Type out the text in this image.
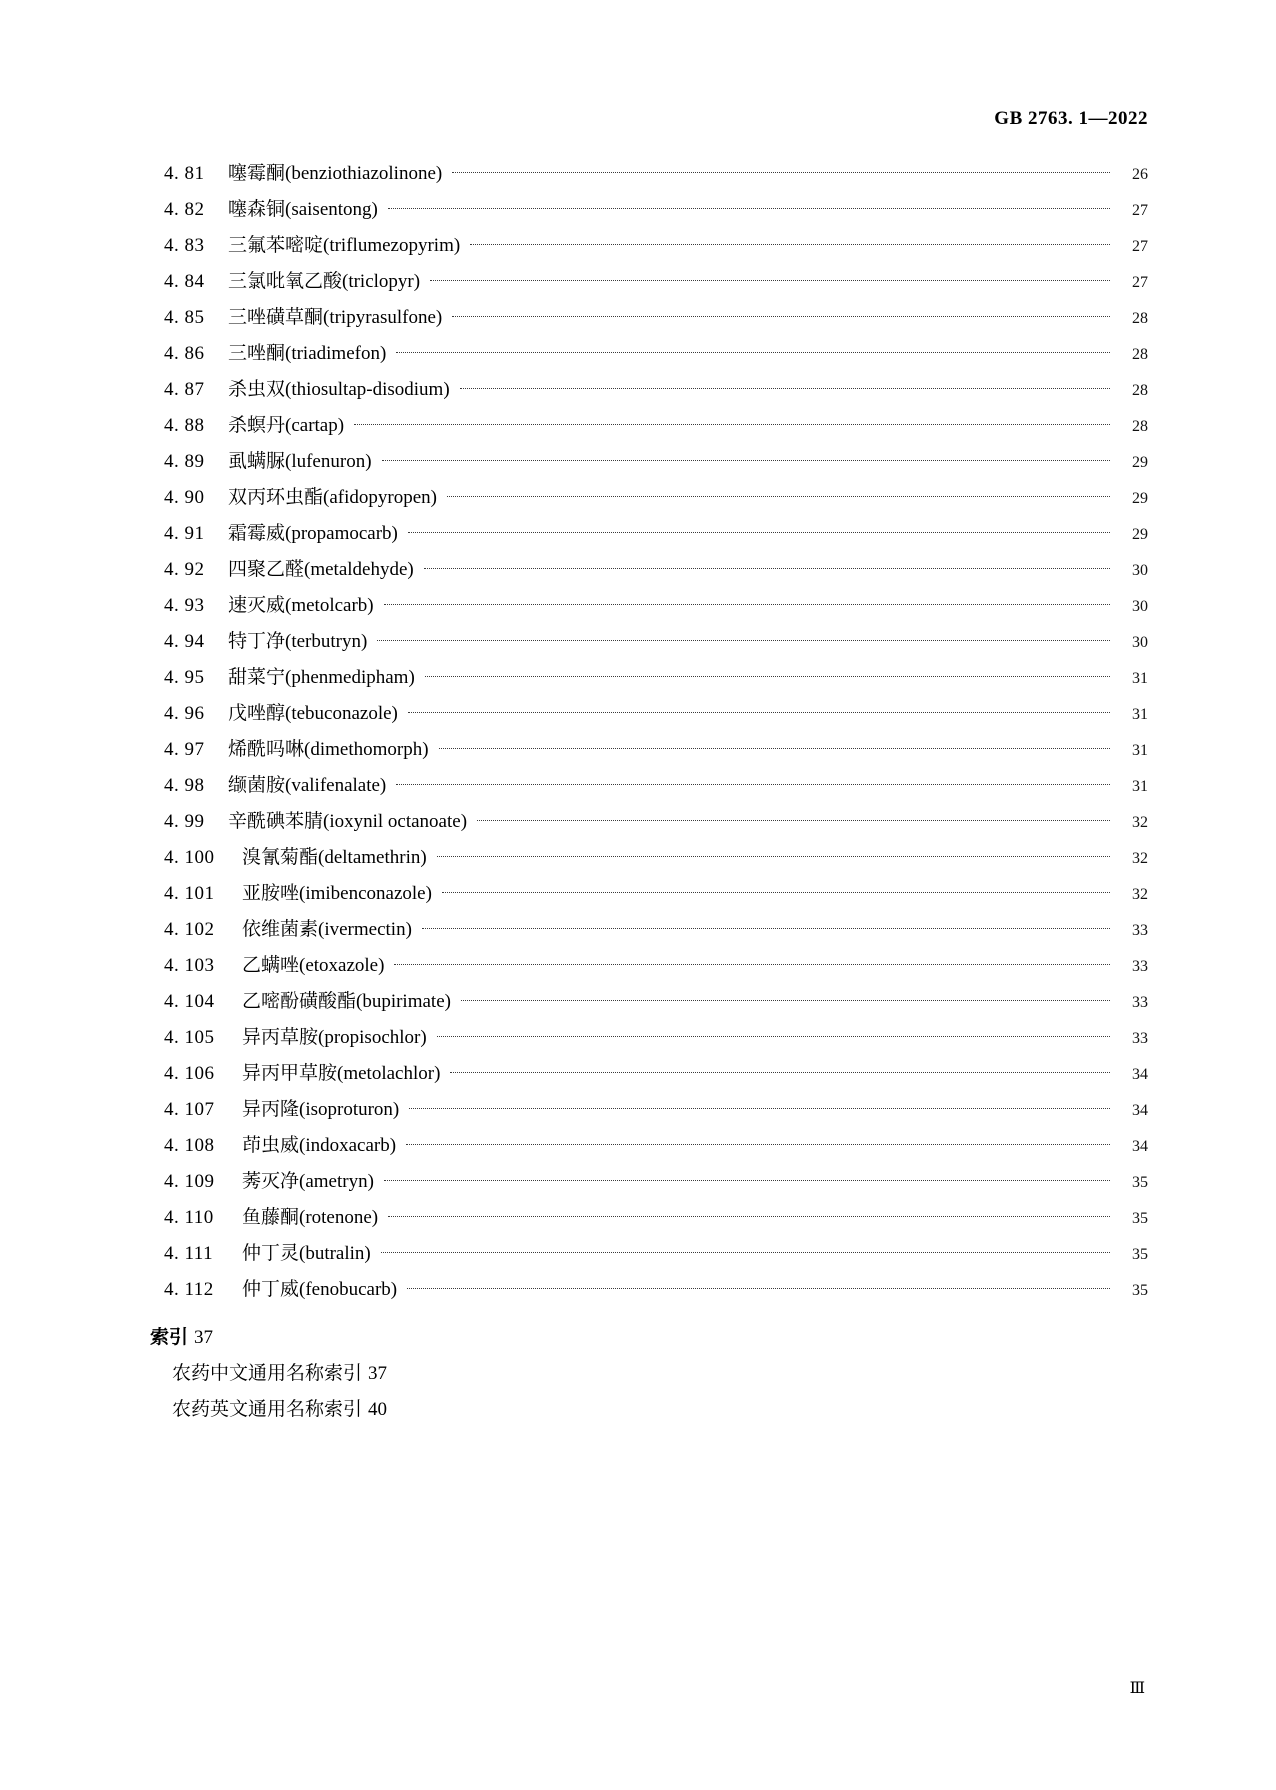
GB 2763. 1—2022
4. 81	噻霉酮(benziothiazolinone)	26
4. 82	噻森铜(saisentong)	27
4. 83	三氟苯嘧啶(triflumezopyrim)	27
4. 84	三氯吡氧乙酸(triclopyr)	27
4. 85	三唑磺草酮(tripyrasulfone)	28
4. 86	三唑酮(triadimefon)	28
4. 87	杀虫双(thiosultap-disodium)	28
4. 88	杀螟丹(cartap)	28
4. 89	虱螨脲(lufenuron)	29
4. 90	双丙环虫酯(afidopyropen)	29
4. 91	霜霉威(propamocarb)	29
4. 92	四聚乙醛(metaldehyde)	30
4. 93	速灭威(metolcarb)	30
4. 94	特丁净(terbutryn)	30
4. 95	甜菜宁(phenmedipham)	31
4. 96	戊唑醇(tebuconazole)	31
4. 97	烯酰吗啉(dimethomorph)	31
4. 98	缬菌胺(valifenalate)	31
4. 99	辛酰碘苯腈(ioxynil octanoate)	32
4. 100	溴氰菊酯(deltamethrin)	32
4. 101	亚胺唑(imibenconazole)	32
4. 102	依维菌素(ivermectin)	33
4. 103	乙螨唑(etoxazole)	33
4. 104	乙嘧酚磺酸酯(bupirimate)	33
4. 105	异丙草胺(propisochlor)	33
4. 106	异丙甲草胺(metolachlor)	34
4. 107	异丙隆(isoproturon)	34
4. 108	茚虫威(indoxacarb)	34
4. 109	莠灭净(ametryn)	35
4. 110	鱼藤酮(rotenone)	35
4. 111	仲丁灵(butralin)	35
4. 112	仲丁威(fenobucarb)	35
索引 37
农药中文通用名称索引 37
农药英文通用名称索引 40
Ⅲ
